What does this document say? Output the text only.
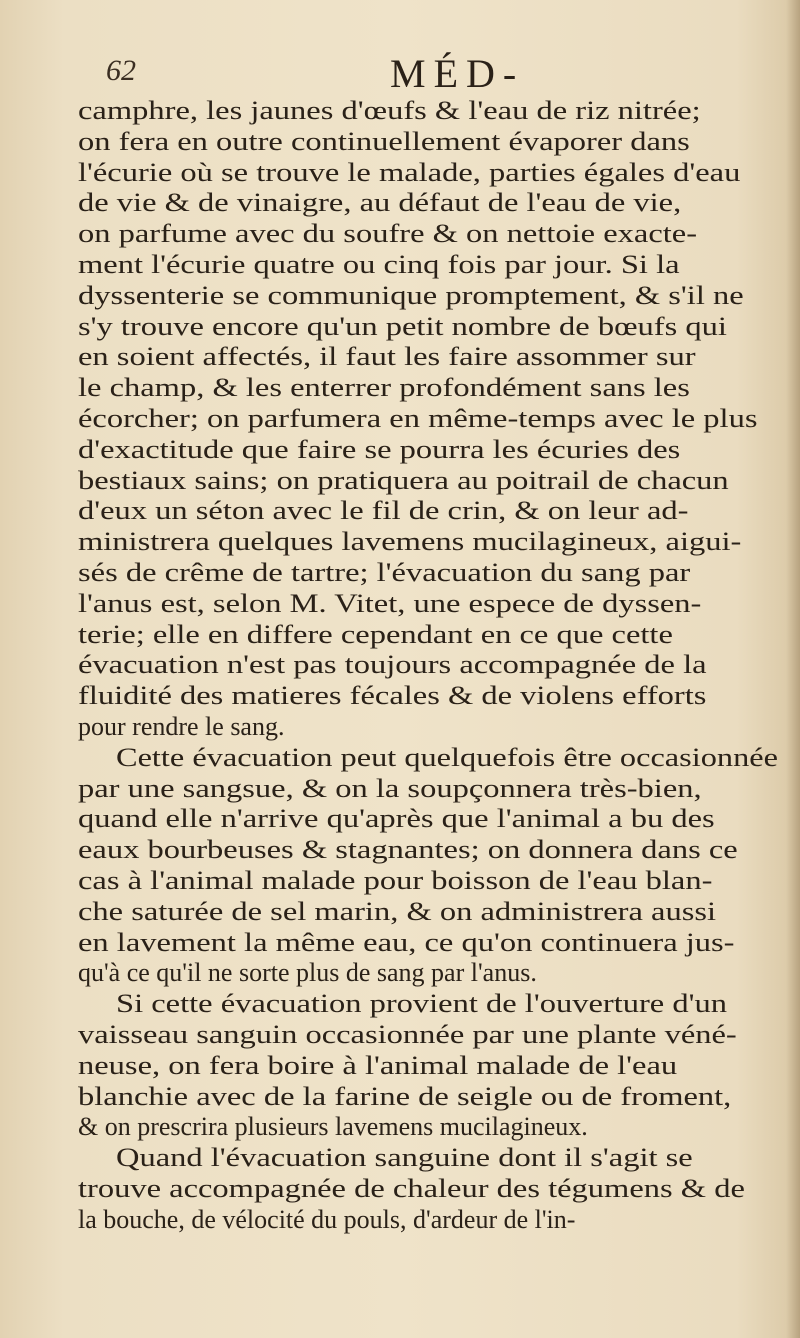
62	MÉD-
camphre, les jaunes d'œufs & l'eau de riz nitrée;
on fera en outre continuellement évaporer dans
l'écurie où se trouve le malade, parties égales d'eau
de vie & de vinaigre, au défaut de l'eau de vie,
on parfume avec du soufre & on nettoie exacte-
ment l'écurie quatre ou cinq fois par jour. Si la
dyssenterie se communique promptement, & s'il ne
s'y trouve encore qu'un petit nombre de bœufs qui
en soient affectés, il faut les faire assommer sur
le champ, & les enterrer profondément sans les
écorcher; on parfumera en même-temps avec le plus
d'exactitude que faire se pourra les écuries des
bestiaux sains; on pratiquera au poitrail de chacun
d'eux un séton avec le fil de crin, & on leur ad-
ministrera quelques lavemens mucilagineux, aigui-
sés de crême de tartre; l'évacuation du sang par
l'anus est, selon M. Vitet, une espece de dyssen-
terie; elle en differe cependant en ce que cette
évacuation n'est pas toujours accompagnée de la
fluidité des matieres fécales & de violens efforts
pour rendre le sang.
Cette évacuation peut quelquefois être occasionnée
par une sangsue, & on la soupçonnera très-bien,
quand elle n'arrive qu'après que l'animal a bu des
eaux bourbeuses & stagnantes; on donnera dans ce
cas à l'animal malade pour boisson de l'eau blan-
che saturée de sel marin, & on administrera aussi
en lavement la même eau, ce qu'on continuera jus-
qu'à ce qu'il ne sorte plus de sang par l'anus.
Si cette évacuation provient de l'ouverture d'un
vaisseau sanguin occasionnée par une plante véné-
neuse, on fera boire à l'animal malade de l'eau
blanchie avec de la farine de seigle ou de froment,
& on prescrira plusieurs lavemens mucilagineux.
Quand l'évacuation sanguine dont il s'agit se
trouve accompagnée de chaleur des tégumens & de
la bouche, de vélocité du pouls, d'ardeur de l'in-
